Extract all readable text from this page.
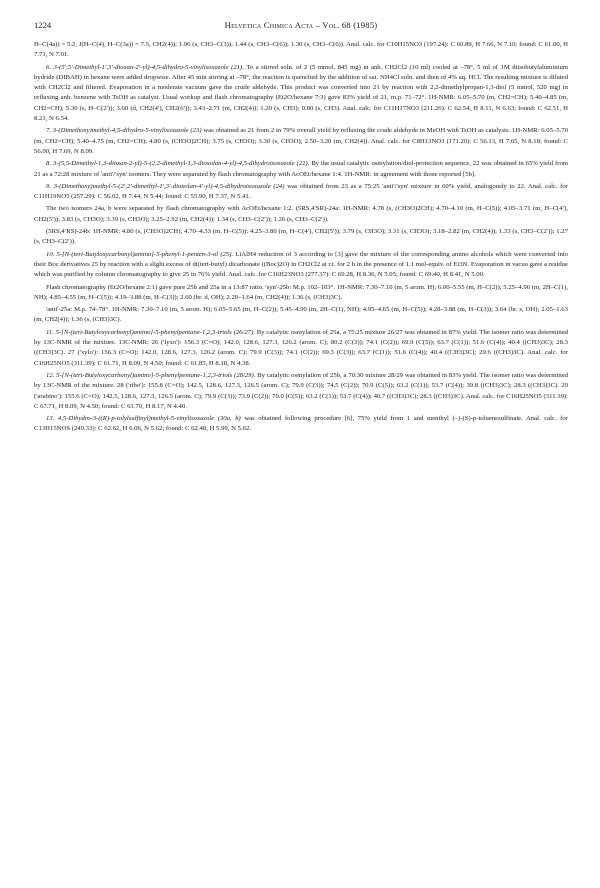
1224	Helvetica Chimica Acta – Vol. 68 (1985)

H–C(4a)) = 5.2, J(H–C(4), H–C(3a)) = 7.5, CH2(4)); 1.96 (s, CH3–C(3)); 1.44 (s, CH3–C(6)); 1.30 (s, CH3–C(6)). Anal. calc. for C10H15NO3 (197.24): C 60.89, H 7.66, N 7.10; found: C 61.00, H 7.71, N 7.01.

6. 3-(5′,5′-Dimethyl-1′,3′-dioxan-2′-yl)-4,5-dihydro-5-vinylisoxazole (21). To a stirred soln. of 2 (5 mmol, 845 mg) in anh. CH2Cl2 (10 ml) cooled at –78°, 5 ml of 1M diisobutylaluminium hydride (DIBAH) in hexane were added dropwise. After 45 min stirring at –78°, the reaction is quenched by the addition of sat. NH4Cl soln. and then of 4% aq. HCl. The resulting mixture is diluted with CH2Cl2 and filtered. Evaporation in a moderate vacuum gave the crude aldehyde. This product was converted into 21 by reaction with 2,2-dimethylpropan-1,3-diol (5 mmol, 520 mg) in refluxing anh. benzene with TsOH as catalyst. Usual workup and flash chromatography (Et2O/hexane 7:3) gave 83% yield of 21, m.p. 71–72°. 1H-NMR: 6.05–5.70 (m, CH2=CH); 5.40–4.85 (m, CH2=CH); 5.30 (s, H–C(2′)); 3.60 (d, CH2(4′), CH2(6′)); 3.43–2.71 (m, CH2(4)); 1.20 (s, CH3); 0.80 (s, CH3). Anal. calc. for C11H17NO3 (211.26): C 62.54, H 8.11, N 6.63; found: C 62.51, H 8.21, N 6.54.

7. 3-(Dimethoxy)methyl-4,5-dihydro-5-vinylisoxazole (23) was obtained as 21 from 2 in 79% overall yield by refluxing the crude aldehyde in MeOH with TsOH as catalysts. 1H-NMR: 6.05–5.70 (m, CH2=CH); 5.40–4.75 (m, CH2=CH); 4.80 (s, (CH3O)2CH); 3.75 (s, CH3O); 3.30 (s, CH3O); 2.50–3.20 (m, CH2(4)). Anal. calc. for C8H13NO3 (171.20): C 56.13, H 7.65, N 8.18; found: C 56.00, H 7.69, N 8.09.

8. 3-(5,5-Dimethyl-1,3-dioxan-2-yl)-5-(2,2-dimethyl-1,3-dioxolan-4-yl)-4,5-dihydroisoxazole (22). By the usual catalytic osmylation/diol-protection sequence, 22 was obtained in 65% yield from 21 as a 72:28 mixture of 'anti'/'syn' isomers. They were separated by flash chromatography with AcOEt/hexane 1:4. 1H-NMR: in agreement with those reported [5b].

9. 3-(Dimethoxy)methyl-5-(2′,2′-dimethyl-1′,3′-dioxolan-4′-yl)-4,5-dihydroisoxazole (24) was obtained from 23 as a 75:25 'anti'/'syn' mixture in 60% yield, analogously to 22. Anal. calc. for C11H19NO5 (257.29): C 56.02, H 7.44, N 5.44; found: C 55.90, H 7.37, N 5.41.

The two isomers 24a, b were separated by flash chromatography with AcOEt/hexane 1:2. (5RS,4′SR)-24a: 1H-NMR: 4.78 (s, (CH3O)2CH); 4.70–4.10 (m, H–C(5)); 4.05–3.71 (m, H–C(4′), CH2(5′)); 3.83 (s, CH3O); 3.39 (s, CH3O); 3.25–2.92 (m, CH2(4)); 1.34 (s, CH3–C(2′)); 1.26 (s, CH3–C(2′)).

(5RS,4′RS)-24b: 1H-NMR: 4.80 (s, (CH3O)2CH); 4.70–4.33 (m, H–C(5)); 4.25–3.80 (m, H–C(4′), CH2(5′)); 3.79 (s, CH3O); 3.31 (s, CH3O); 3.18–2.82 (m, CH2(4)); 1.33 (s, CH3–C(2′)); 1.27 (s, CH3–C(2′)).

10. 5-[N-(tert-Butyloxycarbonyl)amino]-5-phenyl-1-penten-3-ol (25). LiAlH4 reduction of 3 according to [3] gave the mixture of the corresponding amino alcohols which were converted into their Boc derivatives 25 by reaction with a slight excess of di(tert-butyl) dicarbonate ((Boc)2O) in CH2Cl2 at r.t. for 2 h in the presence of 1.1 mol-equiv. of Et3N. Evaporation in vacuo gave a residue which was purified by column chromatography to give 25 in 76% yield. Anal. calc. for C16H23NO3 (277.37): C 69.28, H 8.36, N 5.05; found: C 69.40, H 8.41, N 5.00.

Flash chromatography (Et2O/hexane 2:1) gave pure 25b and 25a in a 13:87 ratio. 'syn'-25b: M.p. 102–103°. 1H-NMR: 7.30–7.10 (m, 5 arom. H); 6.00–5.55 (m, H–C(2)); 5.25–4.90 (m, 2H–C(1), NH); 4.85–4.55 (m, H–C(5)); 4.19–3.88 (m, H–C(3)); 2.60 (br. d, OH); 2.20–1.64 (m, CH2(4)); 1.36 (s, (CH3)3C).

'anti'-25a: M.p. 74–78°. 1H-NMR: 7.30–7.10 (m, 5 arom. H); 6.05–5.65 (m, H–C(2)); 5.45–4.90 (m, 2H–C(1), NH); 4.95–4.65 (m, H–C(5)); 4.28–3.88 (m, H–C(3)); 3.64 (br. s, OH); 2.05–1.63 (m, CH2(4)); 1.36 (s, (CH3)3C).

11. 5-[N-(tert-Butyloxycarbonyl)amino]-5-phenylpentane-1,2,3-triols (26/27). By catalytic osmylation of 25a, a 75:25 mixture 26/27 was obtained in 87% yield. The isomer ratio was determined by 13C-NMR of the mixture. 13C-NMR: 26 ('lyxo'): 156.3 (C=O); 142.0, 128.6, 127.3, 126.2 (arom. C); 80.2 (C(3)); 74.1 (C(2)); 69.9 (C(5)); 63.7 (C(1)); 51.6 (C(4)); 40.4 ((CH3)3C); 28.3 ((CH3)3C). 27 ('xylo'): 156.3 (C=O); 142.0, 128.6, 127.3, 126.2 (arom. C); 79.9 (C(3)); 74.1 (C(2)); 69.3 (C(3)); 63.7 (C(1)); 51.6 (C(4)); 40.4 ((CH3)3C); 29.6 ((CH3)3C). Anal. calc. for C16H25NO5 (311.39): C 61.71, H 8.09, N 4.50; found: C 61.85, H 8.18, N 4.38.

12. 5-[N-(tert-Butyloxycarbonyl)amino]-5-phenylpentane-1,2,3-triols (28/29). By catalytic osmylation of 25b, a 70:30 mixture 28/29 was obtained in 83% yield. The isomer ratio was determined by 13C-NMR of the mixture. 28 ('ribo'): 155.8 (C=O); 142.5, 128.6, 127.3, 126.5 (arom. C); 79.9 (C(3)); 74.5 (C(2)); 70.9 (C(5)); 63.2 (C(1)); 53.7 (C(4)); 39.8 ((CH3)3C); 28.3 ((CH3)3C). 29 ('arabino'): 155.6 (C=O); 142.5, 128.6, 127.3, 126.5 (arom. C); 79.9 (C(3)); 73.9 (C(2)); 70.0 (C(5)); 63.2 (C(1)); 53.7 (C(4)); 40.7 ((CH3)3C); 28.3 ((CH3)3C). Anal. calc. for C16H25NO5 (311.39): C 67.71, H 8.09, N 4.50; found: C 61.70, H 8.17, N 4.40.

13. 4,5-Dihydro-3-((R)-p-tolylsulfinyl)methyl-5-vinylisoxazole (30a, b) was obtained following procedure [6], 75% yield from 1 and menthyl (–)-(S)-p-toluenesulfinate. Anal. calc. for C13H15NOS (249.33): C 62.62, H 6.06, N 5.62; found: C 62.48, H 5.99, N 5.62.
